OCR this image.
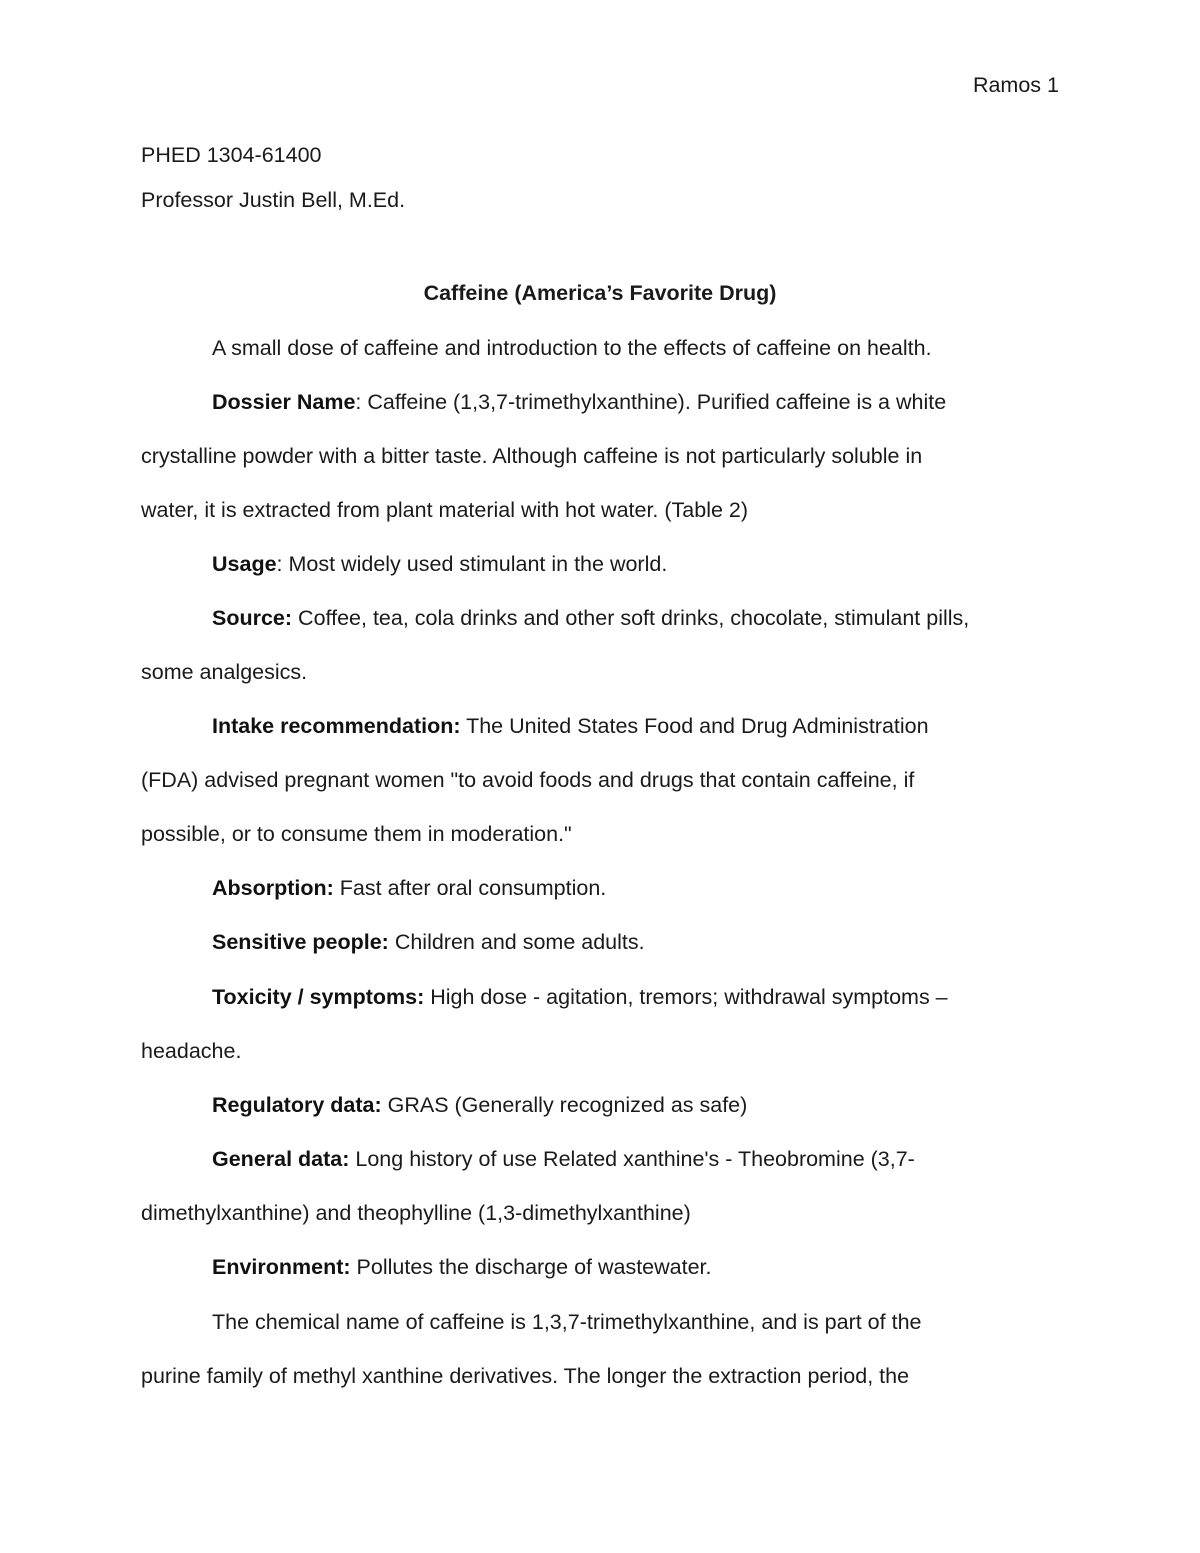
Ramos 1
PHED 1304-61400
Professor Justin Bell, M.Ed.
Caffeine (America’s Favorite Drug)
A small dose of caffeine and introduction to the effects of caffeine on health.
Dossier Name: Caffeine (1,3,7-trimethylxanthine). Purified caffeine is a white
crystalline powder with a bitter taste. Although caffeine is not particularly soluble in
water, it is extracted from plant material with hot water. (Table 2)
Usage: Most widely used stimulant in the world.
Source: Coffee, tea, cola drinks and other soft drinks, chocolate, stimulant pills,
some analgesics.
Intake recommendation: The United States Food and Drug Administration
(FDA) advised pregnant women "to avoid foods and drugs that contain caffeine, if
possible, or to consume them in moderation."
Absorption: Fast after oral consumption.
Sensitive people: Children and some adults.
Toxicity / symptoms: High dose - agitation, tremors; withdrawal symptoms –
headache.
Regulatory data: GRAS (Generally recognized as safe)
General data: Long history of use Related xanthine's - Theobromine (3,7-
dimethylxanthine) and theophylline (1,3-dimethylxanthine)
Environment: Pollutes the discharge of wastewater.
The chemical name of caffeine is 1,3,7-trimethylxanthine, and is part of the
purine family of methyl xanthine derivatives. The longer the extraction period, the
